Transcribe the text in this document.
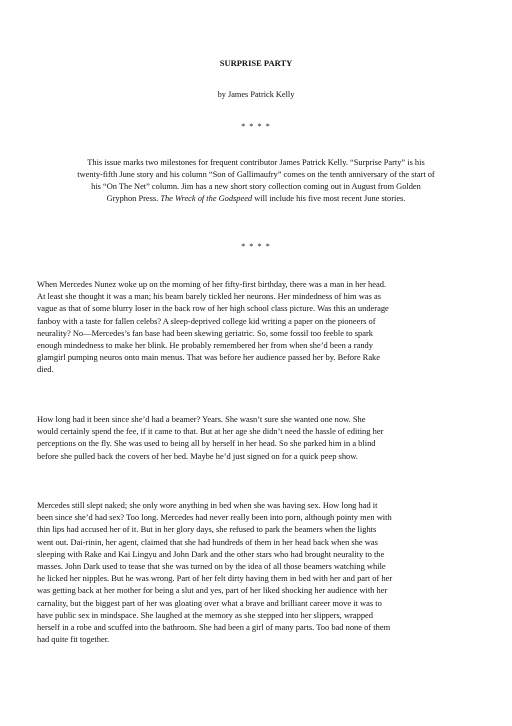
SURPRISE PARTY

by James Patrick Kelly

* * * *

This issue marks two milestones for frequent contributor James Patrick Kelly. “Surprise Party” is his
twenty-fifth June story and his column “Son of Gallimaufry” comes on the tenth anniversary of the start of
his “On The Net” column. Jim has a new short story collection coming out in August from Golden
Gryphon Press. The Wreck of the Godspeed will include his five most recent June stories.

* * * *

When Mercedes Nunez woke up on the morning of her fifty-first birthday, there was a man in her head.
At least she thought it was a man; his beam barely tickled her neurons. Her mindedness of him was as
vague as that of some blurry loser in the back row of her high school class picture. Was this an underage
fanboy with a taste for fallen celebs? A sleep-deprived college kid writing a paper on the pioneers of
neurality? No—Mercedes’s fan base had been skewing geriatric. So, some fossil too feeble to spark
enough mindedness to make her blink. He probably remembered her from when she’d been a randy
glamgirl pumping neuros onto main menus. That was before her audience passed her by. Before Rake
died.

How long had it been since she’d had a beamer? Years. She wasn’t sure she wanted one now. She
would certainly spend the fee, if it came to that. But at her age she didn’t need the hassle of editing her
perceptions on the fly. She was used to being all by herself in her head. So she parked him in a blind
before she pulled back the covers of her bed. Maybe he’d just signed on for a quick peep show.

Mercedes still slept naked; she only wore anything in bed when she was having sex. How long had it
been since she’d had sex? Too long. Mercedes had never really been into porn, although pointy men with
thin lips had accused her of it. But in her glory days, she refused to park the beamers when the lights
went out. Dai-rinin, her agent, claimed that she had hundreds of them in her head back when she was
sleeping with Rake and Kai Lingyu and John Dark and the other stars who had brought neurality to the
masses. John Dark used to tease that she was turned on by the idea of all those beamers watching while
he licked her nipples. But he was wrong. Part of her felt dirty having them in bed with her and part of her
was getting back at her mother for being a slut and yes, part of her liked shocking her audience with her
carnality, but the biggest part of her was gloating over what a brave and brilliant career move it was to
have public sex in mindspace. She laughed at the memory as she stepped into her slippers, wrapped
herself in a robe and scuffed into the bathroom. She had been a girl of many parts. Too bad none of them
had quite fit together.
